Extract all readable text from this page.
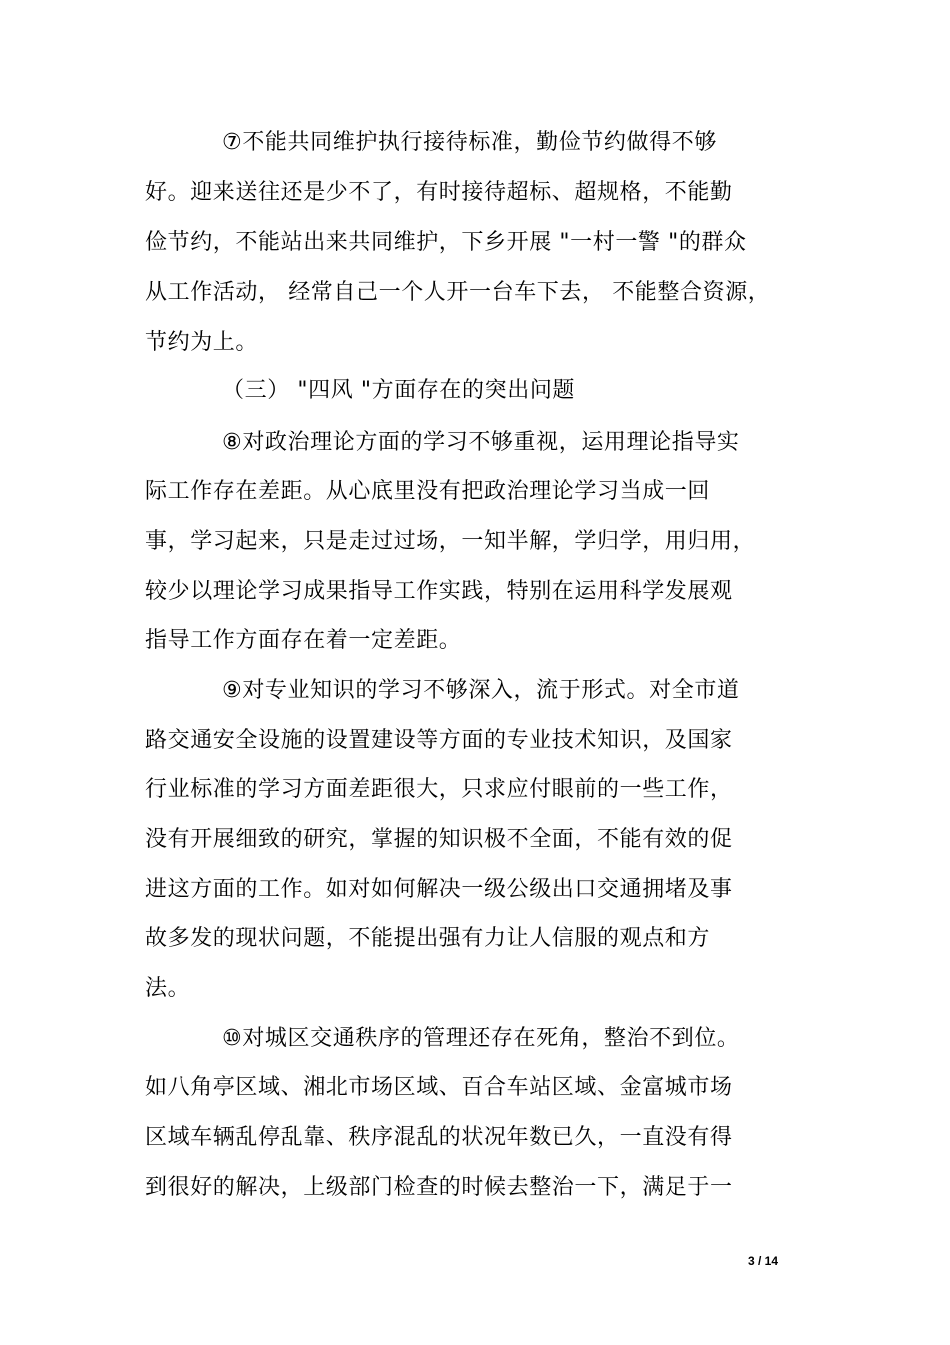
⑦不能共同维护执行接待标准，勤俭节约做得不够
好。迎来送往还是少不了，有时接待超标、超规格，不能勤
俭节约，不能站出来共同维护，下乡开展 "一村一警 "的群众
从工作活动， 经常自己一个人开一台车下去， 不能整合资源，
节约为上。
（三） "四风 "方面存在的突出问题
⑧对政治理论方面的学习不够重视，运用理论指导实
际工作存在差距。从心底里没有把政治理论学习当成一回
事，学习起来，只是走过过场，一知半解，学归学，用归用，
较少以理论学习成果指导工作实践，特别在运用科学发展观
指导工作方面存在着一定差距。
⑨对专业知识的学习不够深入，流于形式。对全市道
路交通安全设施的设置建设等方面的专业技术知识，及国家
行业标准的学习方面差距很大，只求应付眼前的一些工作，
没有开展细致的研究，掌握的知识极不全面，不能有效的促
进这方面的工作。如对如何解决一级公级出口交通拥堵及事
故多发的现状问题，不能提出强有力让人信服的观点和方
法。
⑩对城区交通秩序的管理还存在死角，整治不到位。
如八角亭区域、湘北市场区域、百合车站区域、金富城市场
区域车辆乱停乱靠、秩序混乱的状况年数已久，一直没有得
到很好的解决，上级部门检查的时候去整治一下，满足于一
3 / 14
